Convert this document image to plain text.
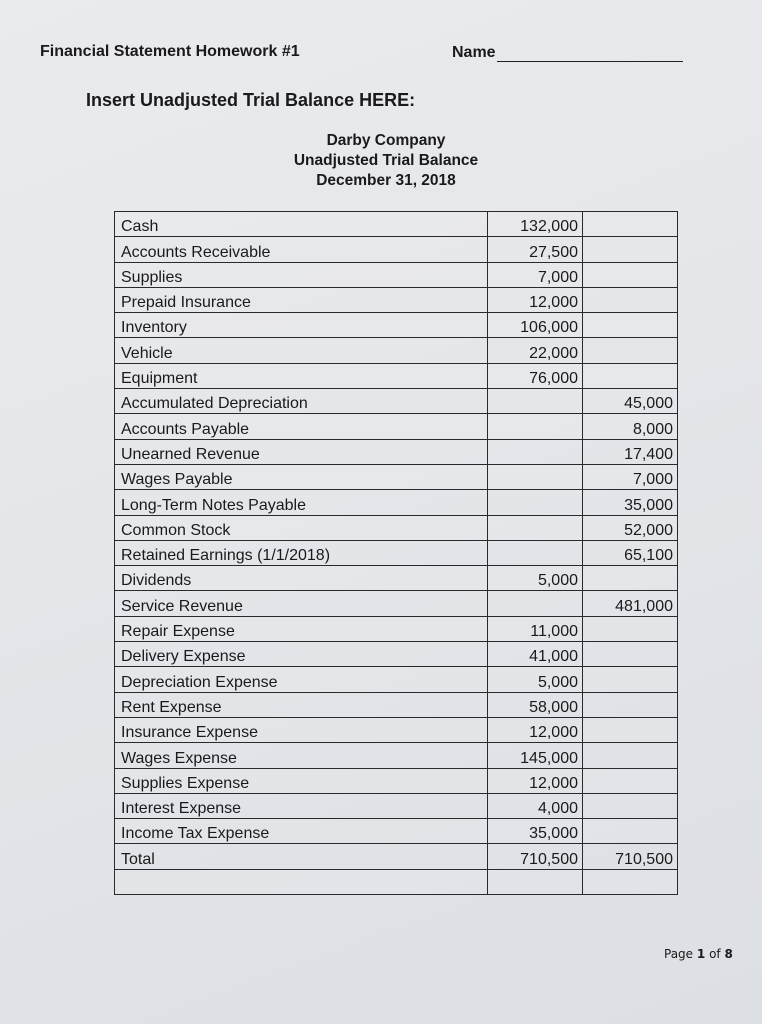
Financial Statement Homework #1	Name
Insert Unadjusted Trial Balance HERE:
Darby Company
Unadjusted Trial Balance
December 31, 2018
Cash	132,000	
Accounts Receivable	27,500	
Supplies	7,000	
Prepaid Insurance	12,000	
Inventory	106,000	
Vehicle	22,000	
Equipment	76,000	
Accumulated Depreciation		45,000
Accounts Payable		8,000
Unearned Revenue		17,400
Wages Payable		7,000
Long-Term Notes Payable		35,000
Common Stock		52,000
Retained Earnings (1/1/2018)		65,100
Dividends	5,000	
Service Revenue		481,000
Repair Expense	11,000	
Delivery Expense	41,000	
Depreciation Expense	5,000	
Rent Expense	58,000	
Insurance Expense	12,000	
Wages Expense	145,000	
Supplies Expense	12,000	
Interest Expense	4,000	
Income Tax Expense	35,000	
Total	710,500	710,500

Page 1 of 8
